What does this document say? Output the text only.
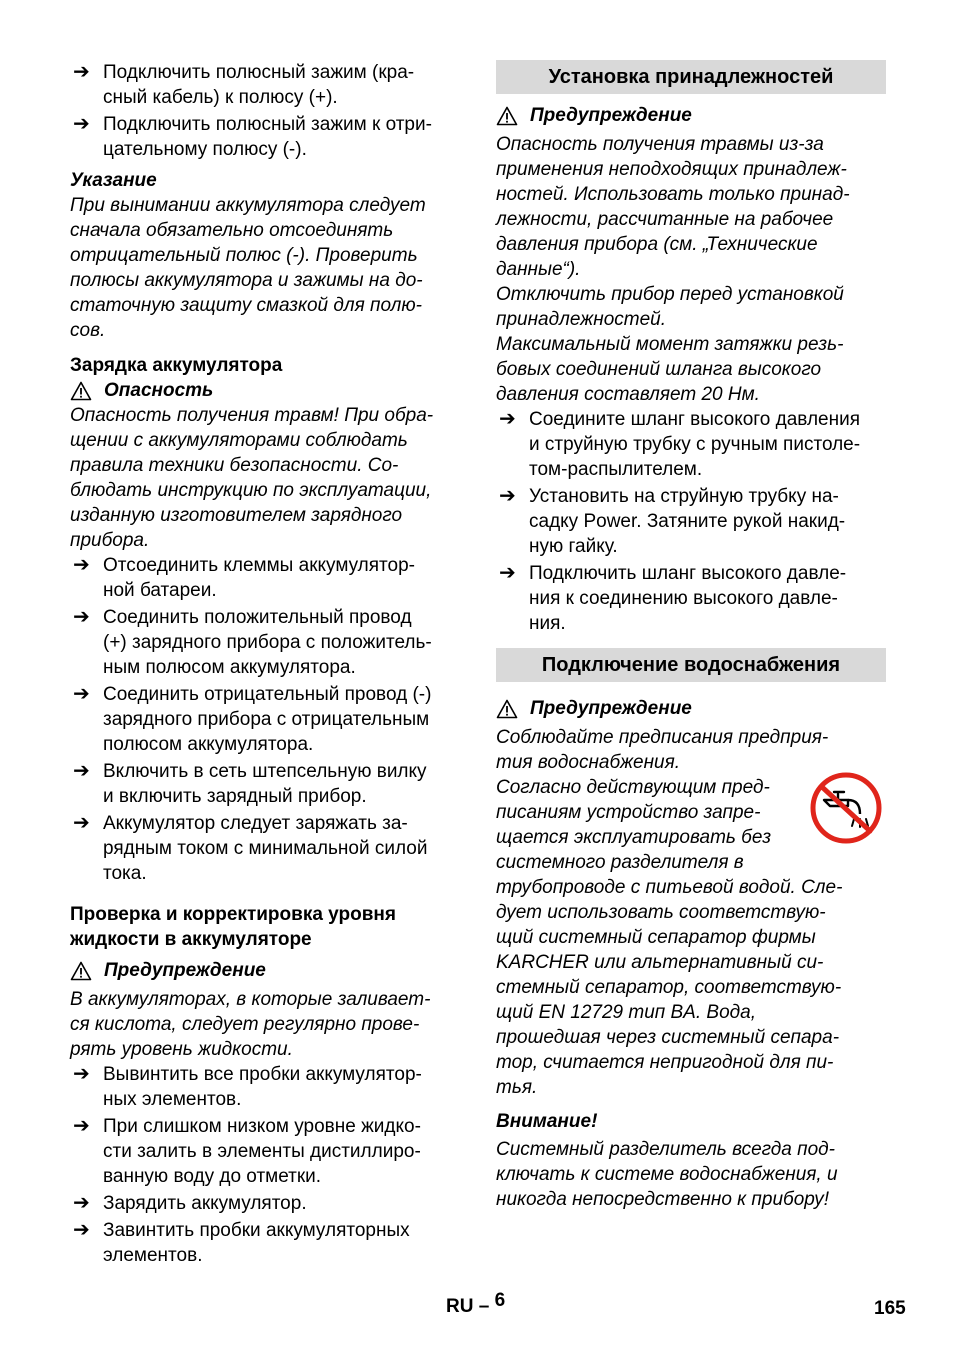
➔ Подключить полюсный зажим (кра-

сный кабель) к полюсу (+).

➔ Подключить полюсный зажим к отри-

цательному полюсу (-).

Указание

При вынимании аккумулятора следует

сначала обязательно отсоединять

отрицательный полюс (-). Проверить

полюсы аккумулятора и зажимы на до-

статочную защиту смазкой для полю-

сов.

Зарядка аккумулятора

Опасность

Опасность получения травм! При обра-

щении с аккумуляторами соблюдать

правила техники безопасности. Со-

блюдать инструкцию по эксплуатации,

изданную изготовителем зарядного

прибора.

➔ Отсоединить клеммы аккумулятор-

ной батареи.

➔ Соединить положительный провод

(+) зарядного прибора с положитель-

ным полюсом аккумулятора.

➔ Соединить отрицательный провод (-)

зарядного прибора с отрицательным

полюсом аккумулятора.

➔ Включить в сеть штепсельную вилку

и включить зарядный прибор.

➔ Аккумулятор следует заряжать за-

рядным током с минимальной силой

тока.

Проверка и корректировка уровня

жидкости в аккумуляторе

Предупреждение

В аккумуляторах, в которые заливает-

ся кислота, следует регулярно прове-

рять уровень жидкости.

➔ Вывинтить все пробки аккумулятор-

ных элементов.

➔ При слишком низком уровне жидко-

сти залить в элементы дистиллиро-

ванную воду до отметки.

➔ Зарядить аккумулятор.

➔ Завинтить пробки аккумуляторных

элементов.

Установка принадлежностей
Предупреждение

Опасность получения травмы из-за

применения неподходящих принадлеж-

ностей. Использовать только принад-

лежности, рассчитанные на рабочее

давления прибора (см. „Технические

данные“).

Отключить прибор перед установкой

принадлежностей.

Максимальный момент затяжки резь-

бовых соединений шланга высокого

давления составляет 20 Нм.

➔ Соедините шланг высокого давления

и струйную трубку с ручным пистоле-

том-распылителем.

➔ Установить на струйную трубку на-

садку Power. Затяните рукой накид-

ную гайку.

➔ Подключить шланг высокого давле-

ния к соединению высокого давле-

ния.

Подключение водоснабжения
Предупреждение

Соблюдайте предписания предприя-

тия водоснабжения.

Согласно действующим пред-

писаниям устройство запре-

щается эксплуатировать без

системного разделителя в

трубопроводе с питьевой водой. Сле-

дует использовать соответствую-

щий системный сепаратор фирмы

KARCHER или альтернативный си-

стемный сепаратор, соответствую-

щий EN 12729 тип BA. Вода,

прошедшая через системный сепара-

тор, считается непригодной для пи-

тья.

Внимание!

Системный разделитель всегда под-

ключать к системе водоснабжения, и

никогда непосредственно к прибору!

RU – 6	165
